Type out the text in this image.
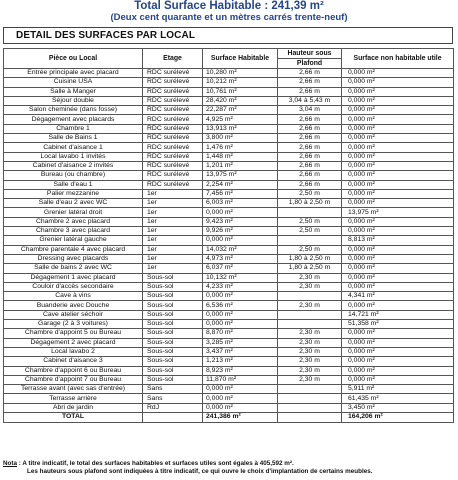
Total Surface Habitable : 241,39 m²
(Deux cent quarante et un mètres carrés trente-neuf)
DETAIL DES SURFACES PAR LOCAL
Pièce ou Local	Etage	Surface Habitable	Hauteur sous	Surface non habitable utile
			Plafond	
Entrée principale avec placard	RDC surélevé	10,280 m²	2,66 m	0,000 m²
Cuisine USA	RDC surélevé	10,212 m²	2,66 m	0,000 m²
Salle à Manger	RDC surélevé	10,761 m²	2,66 m	0,000 m²
Séjour double	RDC surélevé	28,420 m²	3,04 à 5,43 m	0,000 m²
Salon cheminée (dans fosse)	RDC surélevé	22,287 m²	3,04 m	0,000 m²
Dégagement avec placards	RDC surélevé	4,925 m²	2,66 m	0,000 m²
Chambre 1	RDC surélevé	13,913 m²	2,66 m	0,000 m²
Salle de Bains 1	RDC surélevé	3,800 m²	2,66 m	0,000 m²
Cabinet d'aisance 1	RDC surélevé	1,476 m²	2,66 m	0,000 m²
Local lavabo 1 invités	RDC surélevé	1,448 m²	2,66 m	0,000 m²
Cabinet d'aisance 2 invités	RDC surélevé	1,201 m²	2,66 m	0,000 m²
Bureau (ou chambre)	RDC surélevé	13,975 m²	2,66 m	0,000 m²
Salle d'eau 1	RDC surélevé	2,254 m²	2,66 m	0,000 m²
Palier mezzanine	1er	7,456 m²	2,50 m	0,000 m²
Salle d'eau 2 avec WC	1er	6,003 m²	1,80 à 2,50 m	0,000 m²
Grenier latéral droit	1er	0,000 m²		13,975 m²
Chambre 2 avec placard	1er	9,423 m²	2,50 m	0,000 m²
Chambre 3 avec placard	1er	9,926 m²	2,50 m	0,000 m²
Grenier latéral gauche	1er	0,000 m²		8,813 m²
Chambre parentale 4 avec placard	1er	14,032 m²	2,50 m	0,000 m²
Dressing avec placards	1er	4,973 m²	1,80 à 2,50 m	0,000 m²
Salle de bains 2 avec WC	1er	6,037 m²	1,80 à 2,50 m	0,000 m²
Dégagement 1 avec placard	Sous-sol	10,132 m²	2,30 m	0,000 m²
Couloir d'accès secondaire	Sous-sol	4,233 m²	2,30 m	0,000 m²
Cave à vins	Sous-sol	0,000 m²		4,341 m²
Buanderie avec Douche	Sous-sol	6,536 m²	2,30 m	0,000 m²
Cave atelier séchoir	Sous-sol	0,000 m²		14,721 m²
Garage (2 à 3 voitures)	Sous-sol	0,000 m²		51,358 m²
Chambre d'appoint 5 ou Bureau	Sous-sol	8,870 m²	2,30 m	0,000 m²
Dégagement 2 avec placard	Sous-sol	3,285 m²	2,30 m	0,000 m²
Local lavabo 2	Sous-sol	3,437 m²	2,30 m	0,000 m²
Cabinet d'aisance 3	Sous-sol	1,213 m²	2,30 m	0,000 m²
Chambre d'appoint 6 ou Bureau	Sous-sol	8,923 m²	2,30 m	0,000 m²
Chambre d'appoint 7 ou Bureau	Sous-sol	11,870 m²	2,30 m	0,000 m²
Terrasse avant (avec sas d'entrée)	Sans	0,000 m²		5,911 m²
Terrasse arrière	Sans	0,000 m²		61,435 m²
Abri de jardin	RdJ	0,000 m²		3,450 m²
TOTAL		241,386 m²		164,206 m²
Nota : A titre indicatif, le total des surfaces habitables et surfaces utiles sont égales à 405,592 m².
Les hauteurs sous plafond sont indiquées à titre indicatif, ce qui ouvre le choix d'implantation de certains meubles.
